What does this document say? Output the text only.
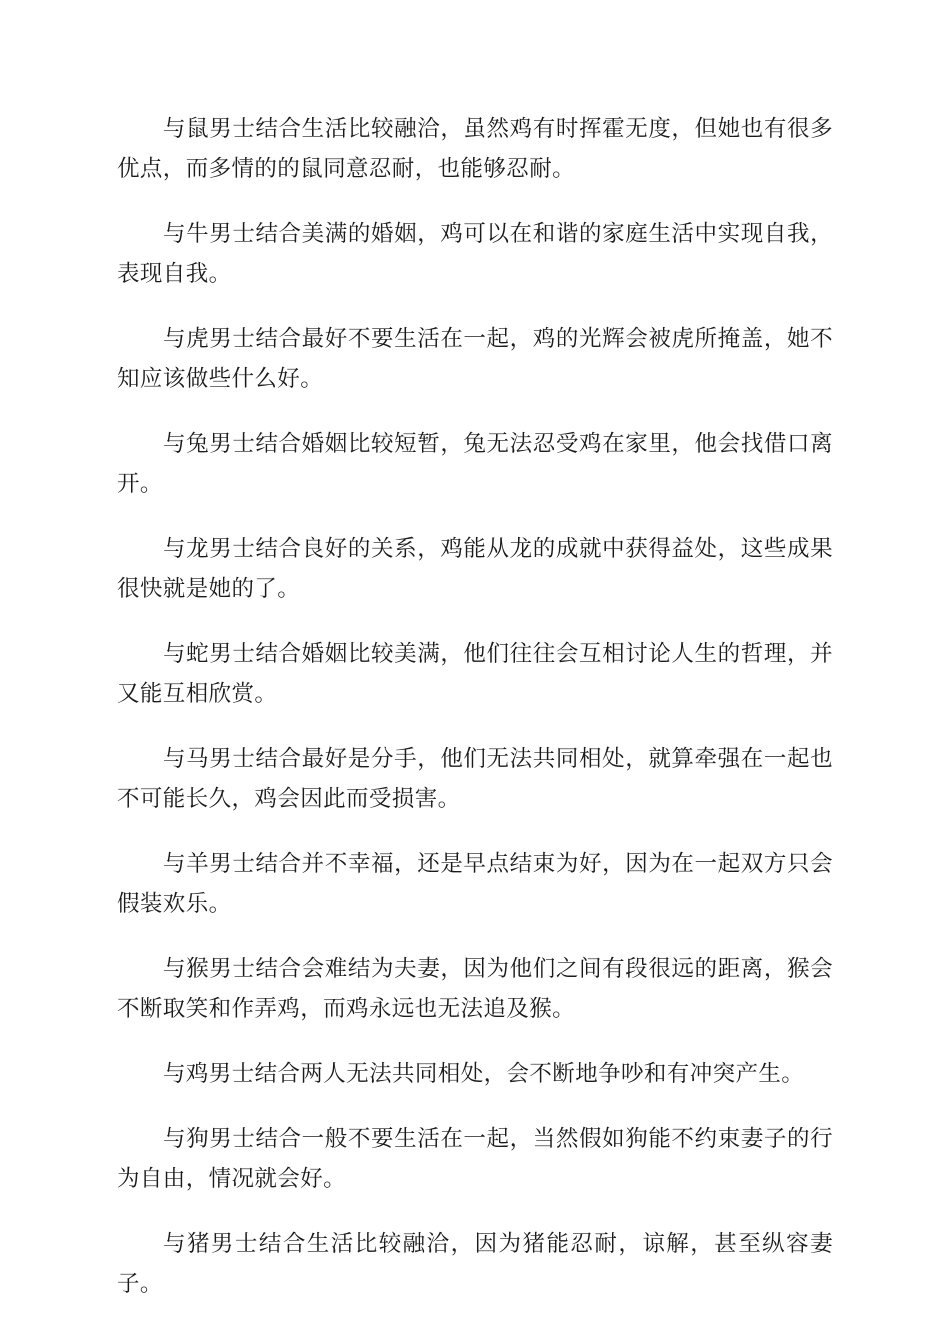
与鼠男士结合生活比较融洽，虽然鸡有时挥霍无度，但她也有很多优点，而多情的的鼠同意忍耐，也能够忍耐。

与牛男士结合美满的婚姻，鸡可以在和谐的家庭生活中实现自我，表现自我。

与虎男士结合最好不要生活在一起，鸡的光辉会被虎所掩盖，她不知应该做些什么好。

与兔男士结合婚姻比较短暂，兔无法忍受鸡在家里，他会找借口离开。

与龙男士结合良好的关系，鸡能从龙的成就中获得益处，这些成果很快就是她的了。

与蛇男士结合婚姻比较美满，他们往往会互相讨论人生的哲理，并又能互相欣赏。

与马男士结合最好是分手，他们无法共同相处，就算牵强在一起也不可能长久，鸡会因此而受损害。

与羊男士结合并不幸福，还是早点结束为好，因为在一起双方只会假装欢乐。

与猴男士结合会难结为夫妻，因为他们之间有段很远的距离，猴会不断取笑和作弄鸡，而鸡永远也无法追及猴。

与鸡男士结合两人无法共同相处，会不断地争吵和有冲突产生。

与狗男士结合一般不要生活在一起，当然假如狗能不约束妻子的行为自由，情况就会好。

与猪男士结合生活比较融洽，因为猪能忍耐，谅解，甚至纵容妻子。
